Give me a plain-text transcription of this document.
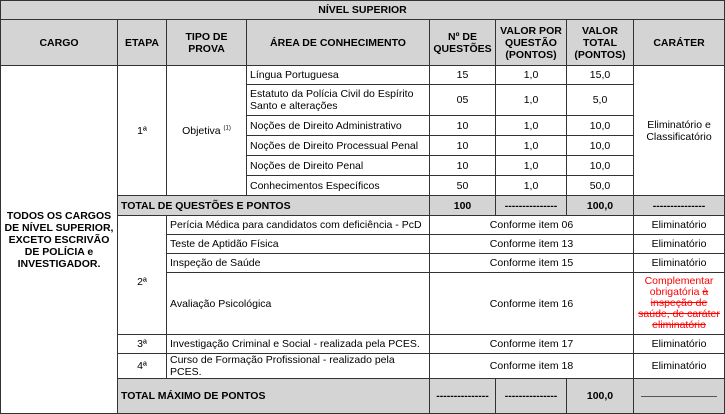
NÍVEL SUPERIOR							
CARGO	ETAPA	TIPO DE PROVA	ÁREA DE CONHECIMENTO	Nº DE QUESTÕES	VALOR POR QUESTÃO (PONTOS)	VALOR TOTAL (PONTOS)	CARÁTER
TODOS OS CARGOS DE NÍVEL SUPERIOR, EXCETO ESCRIVÃO DE POLÍCIA e INVESTIGADOR.	1ª	Objetiva $^{(1)}$	Língua Portuguesa	15	1,0	15,0	Eliminatório e Classificatório
			Estatuto da Polícia Civil do Espírito Santo e alterações	05	1,0	5,0	
			Noções de Direito Administrativo	10	1,0	10,0	
			Noções de Direito Processual Penal	10	1,0	10,0	
			Noções de Direito Penal	10	1,0	10,0	
			Conhecimentos Específicos	50	1,0	50,0	
	TOTAL DE QUESTÕES E PONTOS			100	---------------	100,0	---------------
	2ª	Perícia Médica para candidatos com deficiência - PcD		Conforme item 06			Eliminatório
		Teste de Aptidão Física		Conforme item 13			Eliminatório
		Inspeção de Saúde		Conforme item 15			Eliminatório
		Avaliação Psicológica		Conforme item 16			Complementar obrigatória à inspeção de saúde, de caráter eliminatório
	3ª	Investigação Criminal e Social - realizada pela PCES.		Conforme item 17			Eliminatório
	4ª	Curso de Formação Profissional - realizado pela PCES.		Conforme item 18			Eliminatório
	TOTAL MÁXIMO DE PONTOS			---------------	---------------	100,0	
